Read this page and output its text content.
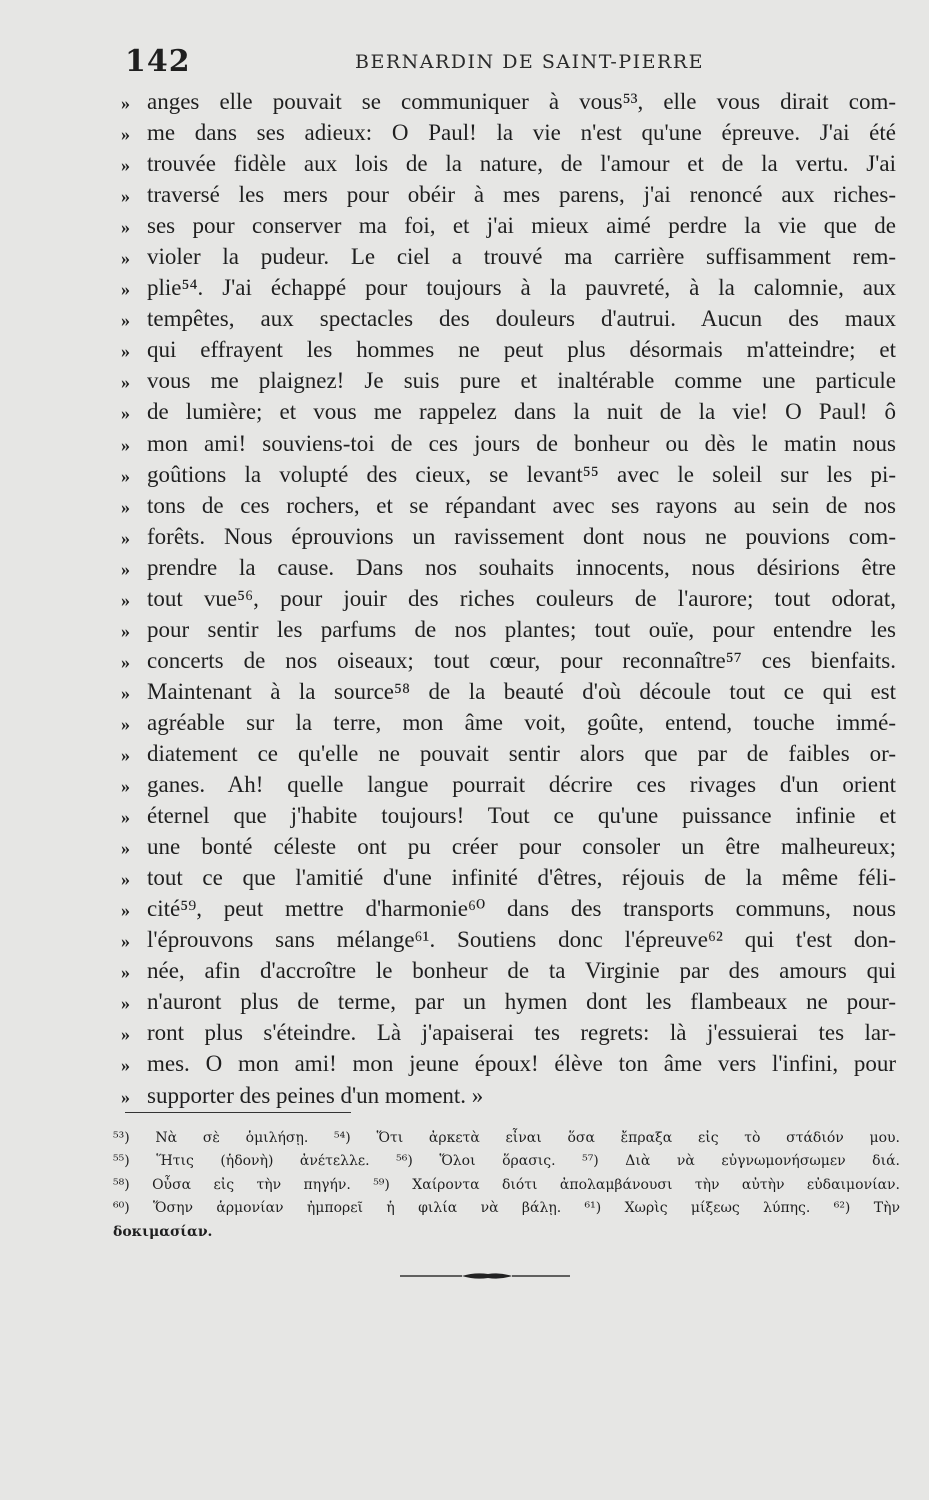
142	BERNARDIN DE SAINT-PIERRE
» anges elle pouvait se communiquer à vous⁵³, elle vous dirait com-
» me dans ses adieux: O Paul! la vie n'est qu'une épreuve. J'ai été
» trouvée fidèle aux lois de la nature, de l'amour et de la vertu. J'ai
» traversé les mers pour obéir à mes parens, j'ai renoncé aux riches-
» ses pour conserver ma foi, et j'ai mieux aimé perdre la vie que de
» violer la pudeur. Le ciel a trouvé ma carrière suffisamment rem-
» plie⁵⁴. J'ai échappé pour toujours à la pauvreté, à la calomnie, aux
» tempêtes, aux spectacles des douleurs d'autrui. Aucun des maux
» qui effrayent les hommes ne peut plus désormais m'atteindre; et
» vous me plaignez! Je suis pure et inaltérable comme une particule
» de lumière; et vous me rappelez dans la nuit de la vie! O Paul! ô
» mon ami! souviens-toi de ces jours de bonheur ou dès le matin nous
» goûtions la volupté des cieux, se levant⁵⁵ avec le soleil sur les pi-
» tons de ces rochers, et se répandant avec ses rayons au sein de nos
» forêts. Nous éprouvions un ravissement dont nous ne pouvions com-
» prendre la cause. Dans nos souhaits innocents, nous désirions être
» tout vue⁵⁶, pour jouir des riches couleurs de l'aurore; tout odorat,
» pour sentir les parfums de nos plantes; tout ouïe, pour entendre les
» concerts de nos oiseaux; tout cœur, pour reconnaître⁵⁷ ces bienfaits.
» Maintenant à la source⁵⁸ de la beauté d'où découle tout ce qui est
» agréable sur la terre, mon âme voit, goûte, entend, touche immé-
» diatement ce qu'elle ne pouvait sentir alors que par de faibles or-
» ganes. Ah! quelle langue pourrait décrire ces rivages d'un orient
» éternel que j'habite toujours! Tout ce qu'une puissance infinie et
» une bonté céleste ont pu créer pour consoler un être malheureux;
» tout ce que l'amitié d'une infinité d'êtres, réjouis de la même féli-
» cité⁵⁹, peut mettre d'harmonie⁶⁰ dans des transports communs, nous
» l'éprouvons sans mélange⁶¹. Soutiens donc l'épreuve⁶² qui t'est don-
» née, afin d'accroître le bonheur de ta Virginie par des amours qui
» n'auront plus de terme, par un hymen dont les flambeaux ne pour-
» ront plus s'éteindre. Là j'apaiserai tes regrets: là j'essuierai tes lar-
» mes. O mon ami! mon jeune époux! élève ton âme vers l'infini, pour
» supporter des peines d'un moment. »
⁵³) Νὰ σὲ ὁμιλήσῃ. ⁵⁴) Ὅτι ἀρκετὰ εἶναι ὅσα ἔπραξα εἰς τὸ στάδιόν μου.
⁵⁵) Ἥτις (ἡδονὴ) ἀνέτελλε. ⁵⁶) Ὅλοι ὅρασις. ⁵⁷) Διὰ νὰ εὐγνωμονήσωμεν διά.
⁵⁸) Οὖσα εἰς τὴν πηγήν. ⁵⁹) Χαίροντα διότι ἀπολαμβάνουσι τὴν αὐτὴν εὐδαιμονίαν.
⁶⁰) Ὅσην ἁρμονίαν ἠμπορεῖ ἡ φιλία νὰ βάλῃ. ⁶¹) Χωρὶς μίξεως λύπης. ⁶²) Τὴν
δοκιμασίαν.
